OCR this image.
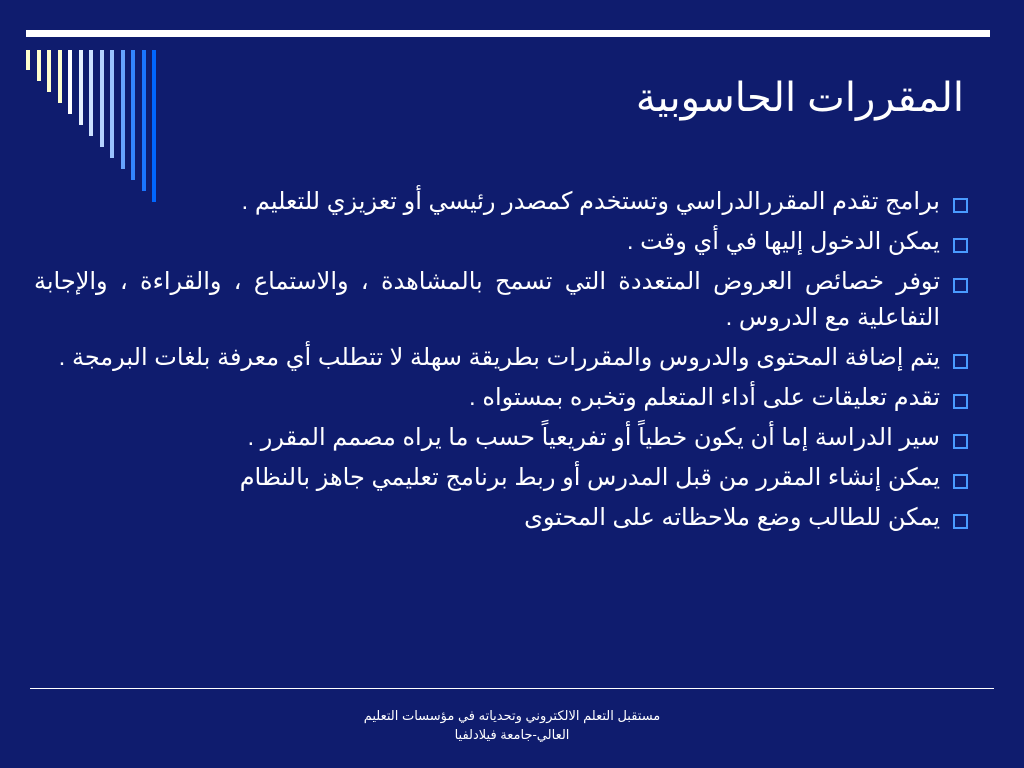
المقررات الحاسوبية
برامج تقدم المقررالدراسي وتستخدم كمصدر رئيسي أو تعزيزي للتعليم .
يمكن الدخول إليها في أي وقت .
توفر خصائص العروض المتعددة التي تسمح بالمشاهدة ، والاستماع ، والقراءة ، والإجابة التفاعلية مع الدروس .
يتم إضافة المحتوى والدروس والمقررات بطريقة سهلة لا تتطلب أي معرفة بلغات البرمجة .
تقدم تعليقات على أداء المتعلم وتخبره بمستواه .
سير الدراسة إما أن يكون خطياً أو تفريعياً حسب ما يراه مصمم المقرر .
يمكن إنشاء المقرر من قبل المدرس أو ربط برنامج تعليمي جاهز بالنظام
يمكن للطالب وضع ملاحظاته على المحتوى
مستقبل التعلم الالكتروني وتحدياته في مؤسسات التعليم
العالي-جامعة فيلادلفيا
